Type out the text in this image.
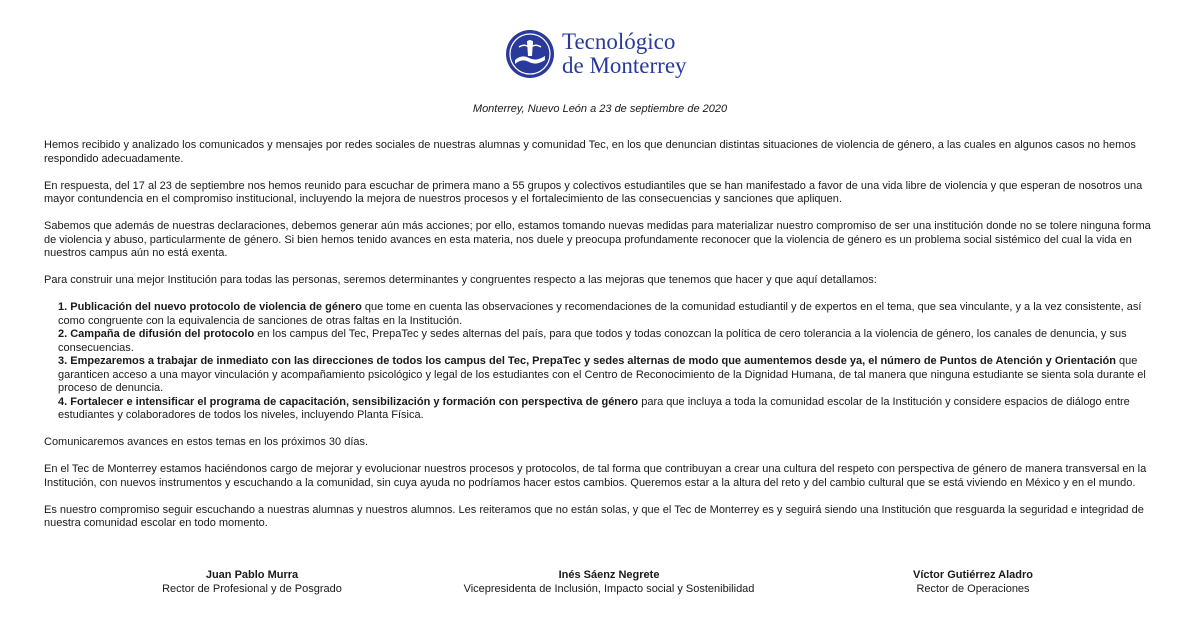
Tecnológico
de Monterrey
Monterrey, Nuevo León a 23 de septiembre de 2020

Hemos recibido y analizado los comunicados y mensajes por redes sociales de nuestras alumnas y comunidad Tec, en los que denuncian distintas situaciones de violencia de género, a las cuales en algunos casos no hemos respondido adecuadamente.

En respuesta, del 17 al 23 de septiembre nos hemos reunido para escuchar de primera mano a 55 grupos y colectivos estudiantiles que se han manifestado a favor de una vida libre de violencia y que esperan de nosotros una mayor contundencia en el compromiso institucional, incluyendo la mejora de nuestros procesos y el fortalecimiento de las consecuencias y sanciones que apliquen.

Sabemos que además de nuestras declaraciones, debemos generar aún más acciones; por ello, estamos tomando nuevas medidas para materializar nuestro compromiso de ser una institución donde no se tolere ninguna forma de violencia y abuso, particularmente de género. Si bien hemos tenido avances en esta materia, nos duele y preocupa profundamente reconocer que la violencia de género es un problema social sistémico del cual la vida en nuestros campus aún no está exenta.

Para construir una mejor Institución para todas las personas, seremos determinantes y congruentes respecto a las mejoras que tenemos que hacer y que aquí detallamos:

1. Publicación del nuevo protocolo de violencia de género que tome en cuenta las observaciones y recomendaciones de la comunidad estudiantil y de expertos en el tema, que sea vinculante, y a la vez consistente, así como congruente con la equivalencia de sanciones de otras faltas en la Institución.
2. Campaña de difusión del protocolo en los campus del Tec, PrepaTec y sedes alternas del país, para que todos y todas conozcan la política de cero tolerancia a la violencia de género, los canales de denuncia, y sus consecuencias.
3. Empezaremos a trabajar de inmediato con las direcciones de todos los campus del Tec, PrepaTec y sedes alternas de modo que aumentemos desde ya, el número de Puntos de Atención y Orientación que garanticen acceso a una mayor vinculación y acompañamiento psicológico y legal de los estudiantes con el Centro de Reconocimiento de la Dignidad Humana, de tal manera que ninguna estudiante se sienta sola durante el proceso de denuncia.
4. Fortalecer e intensificar el programa de capacitación, sensibilización y formación con perspectiva de género para que incluya a toda la comunidad escolar de la Institución y considere espacios de diálogo entre estudiantes y colaboradores de todos los niveles, incluyendo Planta Física.

Comunicaremos avances en estos temas en los próximos 30 días.

En el Tec de Monterrey estamos haciéndonos cargo de mejorar y evolucionar nuestros procesos y protocolos, de tal forma que contribuyan a crear una cultura del respeto con perspectiva de género de manera transversal en la Institución, con nuevos instrumentos y escuchando a la comunidad, sin cuya ayuda no podríamos hacer estos cambios. Queremos estar a la altura del reto y del cambio cultural que se está viviendo en México y en el mundo.

Es nuestro compromiso seguir escuchando a nuestras alumnas y nuestros alumnos. Les reiteramos que no están solas, y que el Tec de Monterrey es y seguirá siendo una Institución que resguarda la seguridad e integridad de nuestra comunidad escolar en todo momento.

Juan Pablo Murra
Rector de Profesional y de Posgrado
Inés Sáenz Negrete
Vicepresidenta de Inclusión, Impacto social y Sostenibilidad
Víctor Gutiérrez Aladro
Rector de Operaciones
